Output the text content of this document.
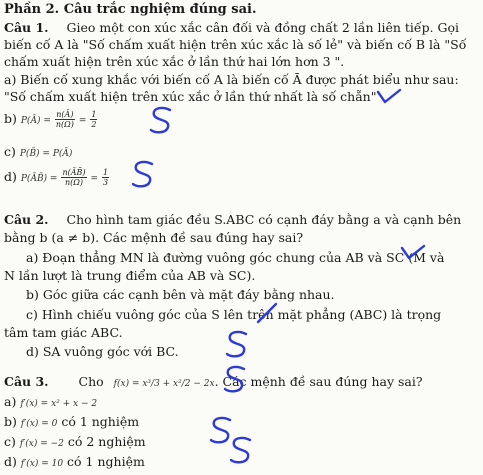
Phần 2. Câu trắc nghiệm đúng sai.
Câu 1. Gieo một con xúc xắc cân đối và đồng chất 2 lần liên tiếp. Gọi
biến cố A là "Số chấm xuất hiện trên xúc xắc là số lẻ" và biến cố B là "Số
chấm xuất hiện trên xúc xắc ở lần thứ hai lớn hơn 3 ".
a) Biến cố xung khắc với biến cố A là biến cố Ā được phát biểu như sau:
"Số chấm xuất hiện trên xúc xắc ở lần thứ nhất là số chẵn"
b) P(Ā) = $\frac{n(Ā)}{n(\Omega)} = \frac{1}{2}$
c) P(B̄) = P(Ā)
d) P(ĀB̄) = $\frac{n(ĀB̄)}{n(\Omega)} = \frac{1}{3}$
Câu 2. Cho hình tam giác đều S.ABC có cạnh đáy bằng a và cạnh bên
bằng b (a ≠ b). Các mệnh đề sau đúng hay sai?
a) Đoạn thẳng MN là đường vuông góc chung của AB và SC (M và
N lần lượt là trung điểm của AB và SC).
b) Góc giữa các cạnh bên và mặt đáy bằng nhau.
c) Hình chiếu vuông góc của S lên trên mặt phẳng (ABC) là trọng
tâm tam giác ABC.
d) SA vuông góc với BC.
Câu 3. Cho f(x) = x³/3 + x²/2 − 2x. Các mệnh đề sau đúng hay sai?
a) f′(x) = x² + x − 2
b) f′(x) = 0 có 1 nghiệm
c) f′(x) = −2 có 2 nghiệm
d) f′(x) = 10 có 1 nghiệm
